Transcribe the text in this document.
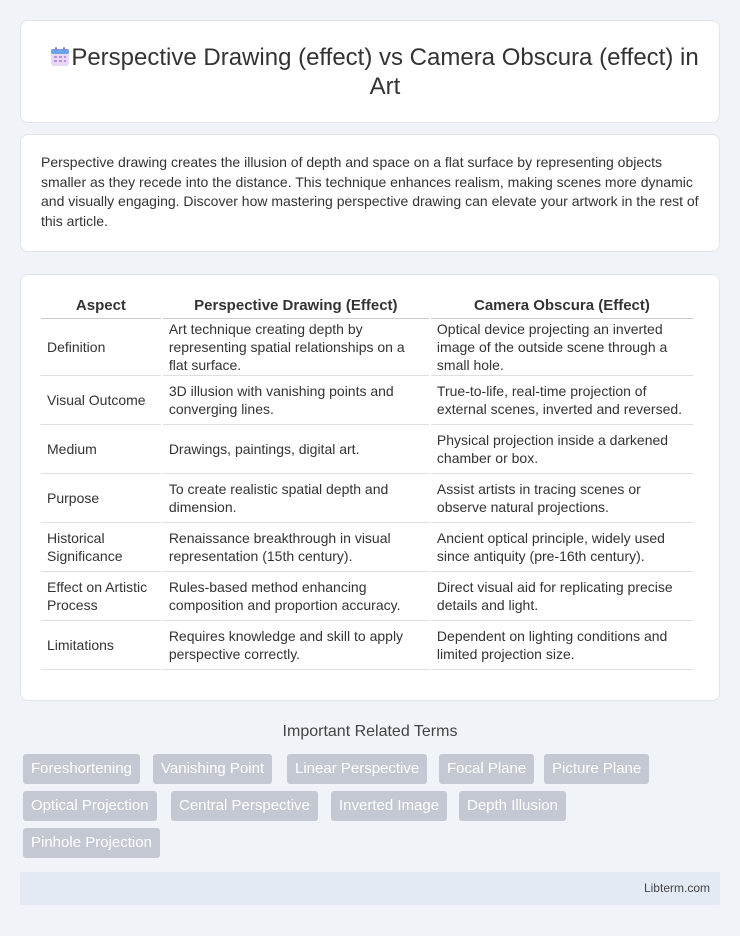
Perspective Drawing (effect) vs Camera Obscura (effect) in Art

Perspective drawing creates the illusion of depth and space on a flat surface by representing objects smaller as they recede into the distance. This technique enhances realism, making scenes more dynamic and visually engaging. Discover how mastering perspective drawing can elevate your artwork in the rest of this article.

Aspect	Perspective Drawing (Effect)	Camera Obscura (Effect)
Definition	Art technique creating depth by representing spatial relationships on a flat surface.	Optical device projecting an inverted image of the outside scene through a small hole.
Visual Outcome	3D illusion with vanishing points and converging lines.	True-to-life, real-time projection of external scenes, inverted and reversed.
Medium	Drawings, paintings, digital art.	Physical projection inside a darkened chamber or box.
Purpose	To create realistic spatial depth and dimension.	Assist artists in tracing scenes or observe natural projections.
Historical Significance	Renaissance breakthrough in visual representation (15th century).	Ancient optical principle, widely used since antiquity (pre-16th century).
Effect on Artistic Process	Rules-based method enhancing composition and proportion accuracy.	Direct visual aid for replicating precise details and light.
Limitations	Requires knowledge and skill to apply perspective correctly.	Dependent on lighting conditions and limited projection size.
Important Related Terms
Foreshortening	Vanishing Point	Linear Perspective	Focal Plane	Picture Plane
Optical Projection	Central Perspective	Inverted Image	Depth Illusion
Pinhole Projection
Libterm.com
